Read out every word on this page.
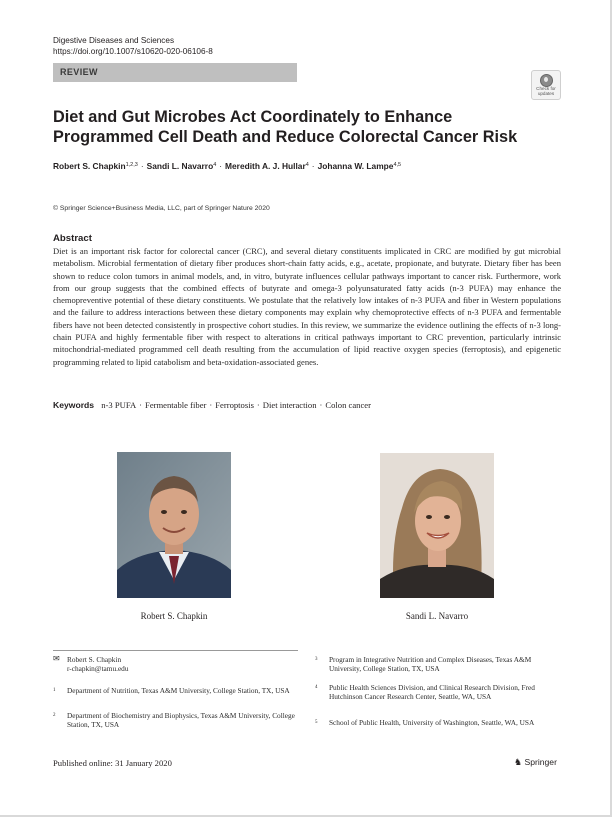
Digestive Diseases and Sciences
https://doi.org/10.1007/s10620-020-06106-8
REVIEW
Check for
updates
Diet and Gut Microbes Act Coordinately to Enhance Programmed Cell Death and Reduce Colorectal Cancer Risk
Robert S. Chapkin$^{1,2,3}$ · Sandi L. Navarro$^4$ · Meredith A. J. Hullar$^4$ · Johanna W. Lampe$^{4,5}$
© Springer Science+Business Media, LLC, part of Springer Nature 2020
Abstract
Diet is an important risk factor for colorectal cancer (CRC), and several dietary constituents implicated in CRC are modified by gut microbial metabolism. Microbial fermentation of dietary fiber produces short-chain fatty acids, e.g., acetate, propionate, and butyrate. Dietary fiber has been shown to reduce colon tumors in animal models, and, in vitro, butyrate influences cellular pathways important to cancer risk. Furthermore, work from our group suggests that the combined effects of butyrate and omega-3 polyunsaturated fatty acids (n-3 PUFA) may enhance the chemopreventive potential of these dietary constituents. We postulate that the relatively low intakes of n-3 PUFA and fiber in Western populations and the failure to address interactions between these dietary components may explain why chemoprotective effects of n-3 PUFA and fermentable fibers have not been detected consistently in prospective cohort studies. In this review, we summarize the evidence outlining the effects of n-3 long-chain PUFA and highly fermentable fiber with respect to alterations in critical pathways important to CRC prevention, particularly intrinsic mitochondrial-mediated programmed cell death resulting from the accumulation of lipid reactive oxygen species (ferroptosis), and epigenetic programming related to lipid catabolism and beta-oxidation-associated genes.
Keywords n-3 PUFA · Fermentable fiber · Ferroptosis · Diet interaction · Colon cancer
Robert S. Chapkin	Sandi L. Navarro
✉ Robert S. Chapkin
r-chapkin@tamu.edu
1 Department of Nutrition, Texas A&M University, College Station, TX, USA
2 Department of Biochemistry and Biophysics, Texas A&M University, College Station, TX, USA
3 Program in Integrative Nutrition and Complex Diseases, Texas A&M University, College Station, TX, USA
4 Public Health Sciences Division, and Clinical Research Division, Fred Hutchinson Cancer Research Center, Seattle, WA, USA
5 School of Public Health, University of Washington, Seattle, WA, USA
Published online: 31 January 2020	♞ Springer
